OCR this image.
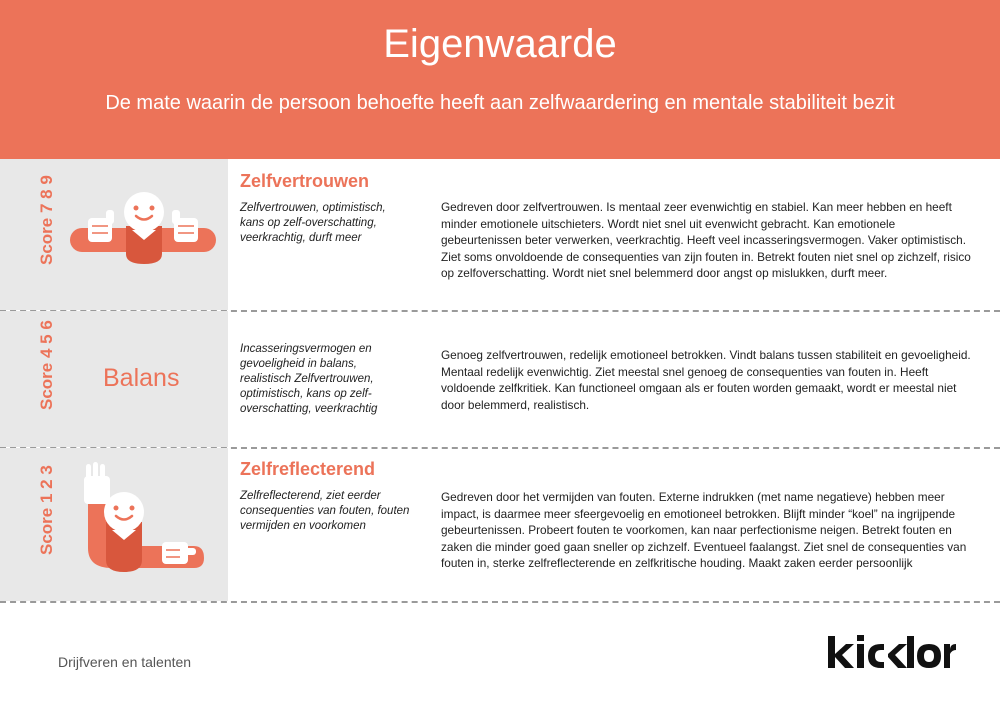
Eigenwaarde
De mate waarin de persoon behoefte heeft aan zelfwaardering en mentale stabiliteit bezit
Score 7 8 9	Zelfvertrouwen
Zelfvertrouwen, optimistisch, kans op zelf-overschatting, veerkrachtig, durft meer
Gedreven door zelfvertrouwen. Is mentaal zeer evenwichtig en stabiel. Kan meer hebben en heeft minder emotionele uitschieters. Wordt niet snel uit evenwicht gebracht. Kan emotionele gebeurtenissen beter verwerken, veerkrachtig. Heeft veel incasseringsvermogen. Vaker optimistisch. Ziet soms onvoldoende de consequenties van zijn fouten in. Betrekt fouten niet snel op zichzelf, risico op zelfoverschatting. Wordt niet snel belemmerd door angst op mislukken, durft meer.
Score 4 5 6 Balans
Incasseringsvermogen en gevoeligheid in balans, realistisch Zelfvertrouwen, optimistisch, kans op zelf-overschatting, veerkrachtig
Genoeg zelfvertrouwen, redelijk emotioneel betrokken. Vindt balans tussen stabiliteit en gevoeligheid. Mentaal redelijk evenwichtig. Ziet meestal snel genoeg de consequenties van fouten in. Heeft voldoende zelfkritiek. Kan functioneel omgaan als er fouten worden gemaakt, wordt er meestal niet door belemmerd, realistisch.
Score 1 2 3	Zelfreflecterend
Zelfreflecterend, ziet eerder consequenties van fouten, fouten vermijden en voorkomen
Gedreven door het vermijden van fouten. Externe indrukken (met name negatieve) hebben meer impact, is daarmee meer sfeergevoelig en emotioneel betrokken. Blijft minder “koel” na ingrijpende gebeurtenissen. Probeert fouten te voorkomen, kan naar perfectionisme neigen. Betrekt fouten en zaken die minder goed gaan sneller op zichzelf. Eventueel faalangst. Ziet snel de consequenties van fouten in, sterke zelfreflecterende en zelfkritische houding. Maakt zaken eerder persoonlijk
Drijfveren en talenten
